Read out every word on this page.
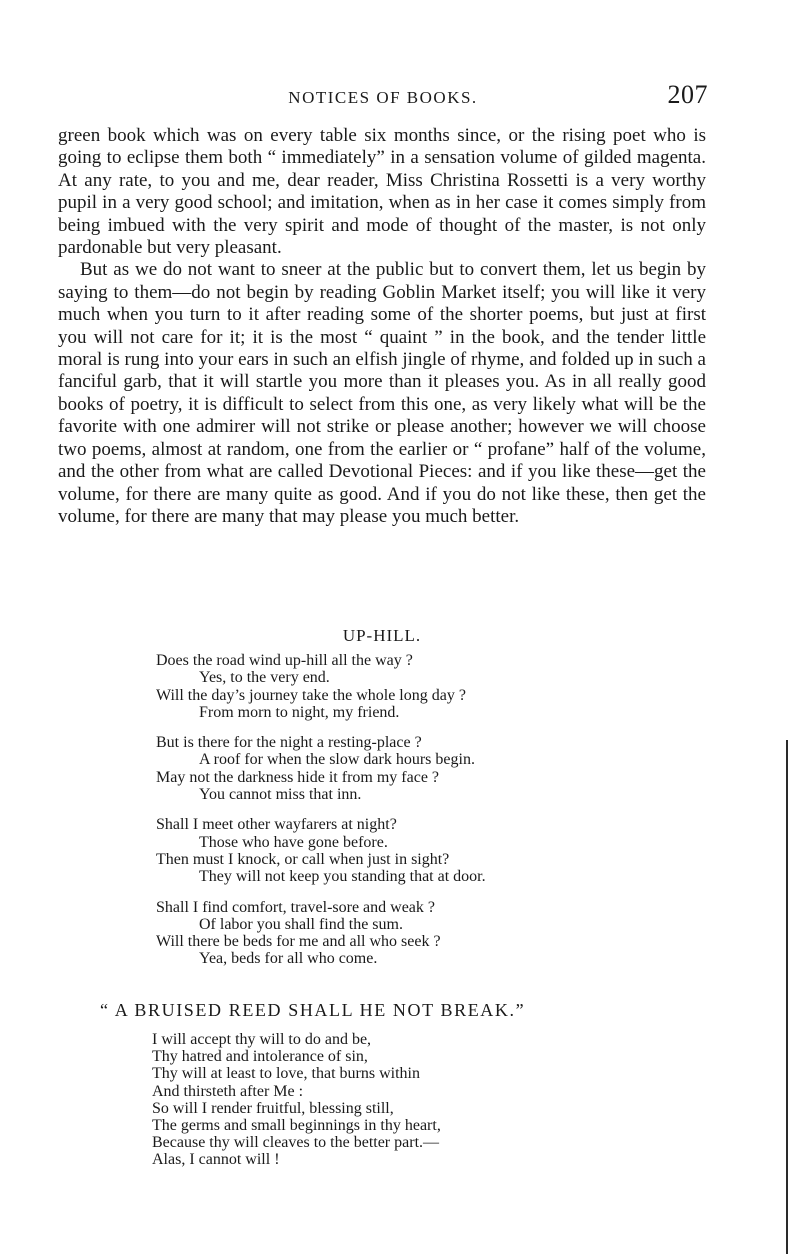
NOTICES OF BOOKS.	207

green book which was on every table six months since, or the rising poet who is going to eclipse them both “ immediately” in a sensation volume of gilded magenta. At any rate, to you and me, dear reader, Miss Christina Rossetti is a very worthy pupil in a very good school; and imitation, when as in her case it comes simply from being imbued with the very spirit and mode of thought of the master, is not only pardonable but very pleasant.

But as we do not want to sneer at the public but to convert them, let us begin by saying to them—do not begin by reading Goblin Market itself; you will like it very much when you turn to it after reading some of the shorter poems, but just at first you will not care for it; it is the most “ quaint ” in the book, and the tender little moral is rung into your ears in such an elfish jingle of rhyme, and folded up in such a fanciful garb, that it will startle you more than it pleases you. As in all really good books of poetry, it is difficult to select from this one, as very likely what will be the favorite with one admirer will not strike or please another; however we will choose two poems, almost at random, one from the earlier or “ profane” half of the volume, and the other from what are called Devotional Pieces: and if you like these—get the volume, for there are many quite as good. And if you do not like these, then get the volume, for there are many that may please you much better.

UP-HILL.
Does the road wind up-hill all the way ?
Yes, to the very end.
Will the day’s journey take the whole long day ?
From morn to night, my friend.
But is there for the night a resting-place ?
A roof for when the slow dark hours begin.
May not the darkness hide it from my face ?
You cannot miss that inn.
Shall I meet other wayfarers at night?
Those who have gone before.
Then must I knock, or call when just in sight?
They will not keep you standing that at door.
Shall I find comfort, travel-sore and weak ?
Of labor you shall find the sum.
Will there be beds for me and all who seek ?
Yea, beds for all who come.
“ A BRUISED REED SHALL HE NOT BREAK.”
I will accept thy will to do and be,
Thy hatred and intolerance of sin,
Thy will at least to love, that burns within
And thirsteth after Me :
So will I render fruitful, blessing still,
The germs and small beginnings in thy heart,
Because thy will cleaves to the better part.—
Alas, I cannot will !
